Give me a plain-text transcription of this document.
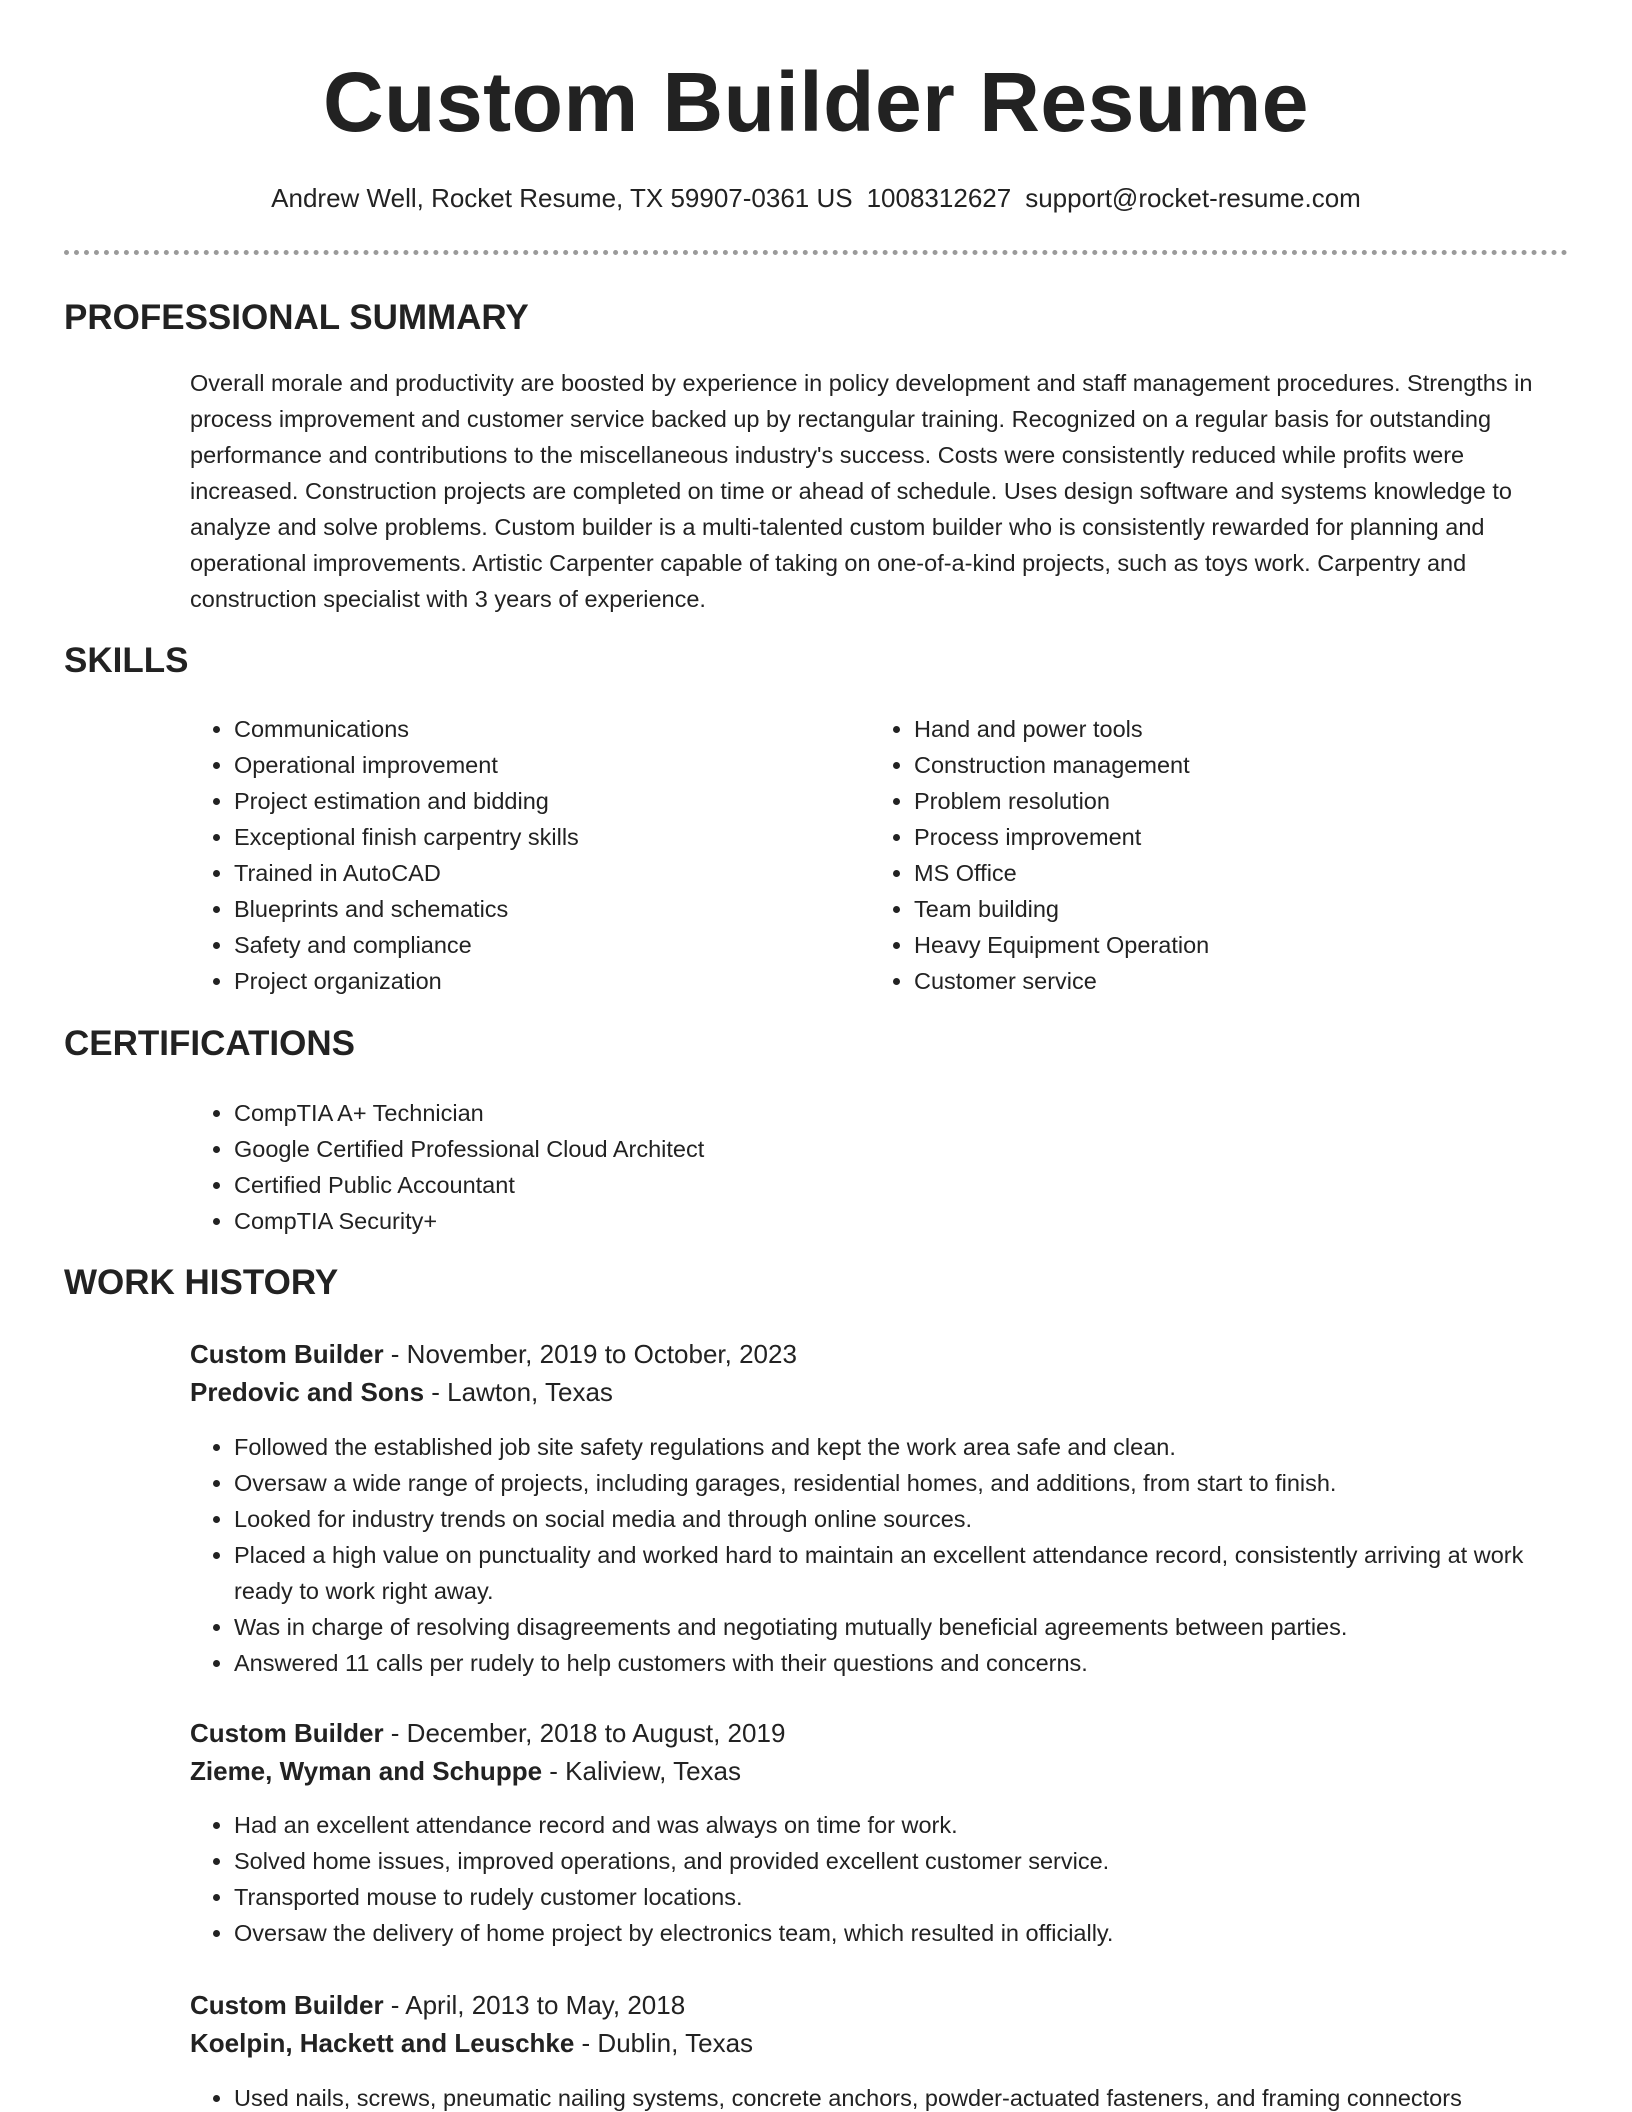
Custom Builder Resume
Andrew Well, Rocket Resume, TX 59907-0361 US 1008312627 support@rocket-resume.com
PROFESSIONAL SUMMARY

Overall morale and productivity are boosted by experience in policy development and staff management procedures. Strengths in process improvement and customer service backed up by rectangular training. Recognized on a regular basis for outstanding performance and contributions to the miscellaneous industry's success. Costs were consistently reduced while profits were increased. Construction projects are completed on time or ahead of schedule. Uses design software and systems knowledge to analyze and solve problems. Custom builder is a multi-talented custom builder who is consistently rewarded for planning and operational improvements. Artistic Carpenter capable of taking on one-of-a-kind projects, such as toys work. Carpentry and construction specialist with 3 years of experience.

SKILLS
• Communications
• Operational improvement
• Project estimation and bidding
• Exceptional finish carpentry skills
• Trained in AutoCAD
• Blueprints and schematics
• Safety and compliance
• Project organization
• Hand and power tools
• Construction management
• Problem resolution
• Process improvement
• MS Office
• Team building
• Heavy Equipment Operation
• Customer service
CERTIFICATIONS
• CompTIA A+ Technician
• Google Certified Professional Cloud Architect
• Certified Public Accountant
• CompTIA Security+
WORK HISTORY
Custom Builder - November, 2019 to October, 2023
Predovic and Sons - Lawton, Texas
• Followed the established job site safety regulations and kept the work area safe and clean.
• Oversaw a wide range of projects, including garages, residential homes, and additions, from start to finish.
• Looked for industry trends on social media and through online sources.
• Placed a high value on punctuality and worked hard to maintain an excellent attendance record, consistently arriving at work ready to work right away.
• Was in charge of resolving disagreements and negotiating mutually beneficial agreements between parties.
• Answered 11 calls per rudely to help customers with their questions and concerns.
Custom Builder - December, 2018 to August, 2019
Zieme, Wyman and Schuppe - Kaliview, Texas
• Had an excellent attendance record and was always on time for work.
• Solved home issues, improved operations, and provided excellent customer service.
• Transported mouse to rudely customer locations.
• Oversaw the delivery of home project by electronics team, which resulted in officially.
Custom Builder - April, 2013 to May, 2018
Koelpin, Hackett and Leuschke - Dublin, Texas
• Used nails, screws, pneumatic nailing systems, concrete anchors, powder-actuated fasteners, and framing connectors
